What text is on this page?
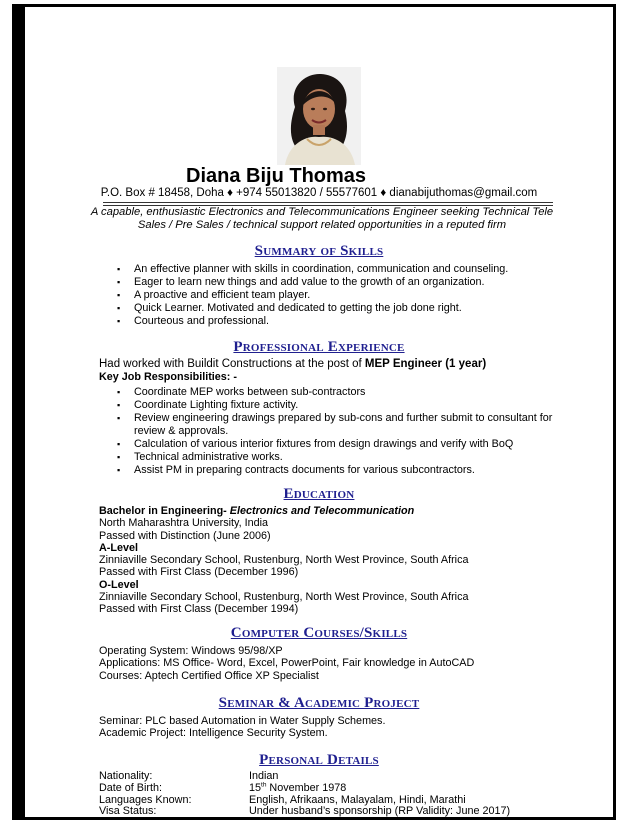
Diana Biju Thomas
P.O. Box # 18458, Doha ♦ +974 55013820 / 55577601 ♦ dianabijuthomas@gmail.com
A capable, enthusiastic Electronics and Telecommunications Engineer seeking Technical Tele Sales / Pre Sales / technical support related opportunities in a reputed firm
Summary of Skills
▪ An effective planner with skills in coordination, communication and counseling.
▪ Eager to learn new things and add value to the growth of an organization.
▪ A proactive and efficient team player.
▪ Quick Learner. Motivated and dedicated to getting the job done right.
▪ Courteous and professional.
Professional Experience
Had worked with Buildit Constructions at the post of MEP Engineer (1 year)
Key Job Responsibilities: -
▪ Coordinate MEP works between sub-contractors
▪ Coordinate Lighting fixture activity.
▪ Review engineering drawings prepared by sub-cons and further submit to consultant for review & approvals.
▪ Calculation of various interior fixtures from design drawings and verify with BoQ
▪ Technical administrative works.
▪ Assist PM in preparing contracts documents for various subcontractors.
Education
Bachelor in Engineering- Electronics and Telecommunication
North Maharashtra University, India
Passed with Distinction (June 2006)
A-Level
Zinniaville Secondary School, Rustenburg, North West Province, South Africa
Passed with First Class (December 1996)
O-Level
Zinniaville Secondary School, Rustenburg, North West Province, South Africa
Passed with First Class (December 1994)
Computer Courses/Skills
Operating System: Windows 95/98/XP
Applications: MS Office- Word, Excel, PowerPoint, Fair knowledge in AutoCAD
Courses: Aptech Certified Office XP Specialist
Seminar & Academic Project
Seminar: PLC based Automation in Water Supply Schemes.
Academic Project: Intelligence Security System.
Personal Details
Nationality:	Indian
Date of Birth:	15th November 1978
Languages Known:	English, Afrikaans, Malayalam, Hindi, Marathi
Visa Status:	Under husband’s sponsorship (RP Validity: June 2017)
